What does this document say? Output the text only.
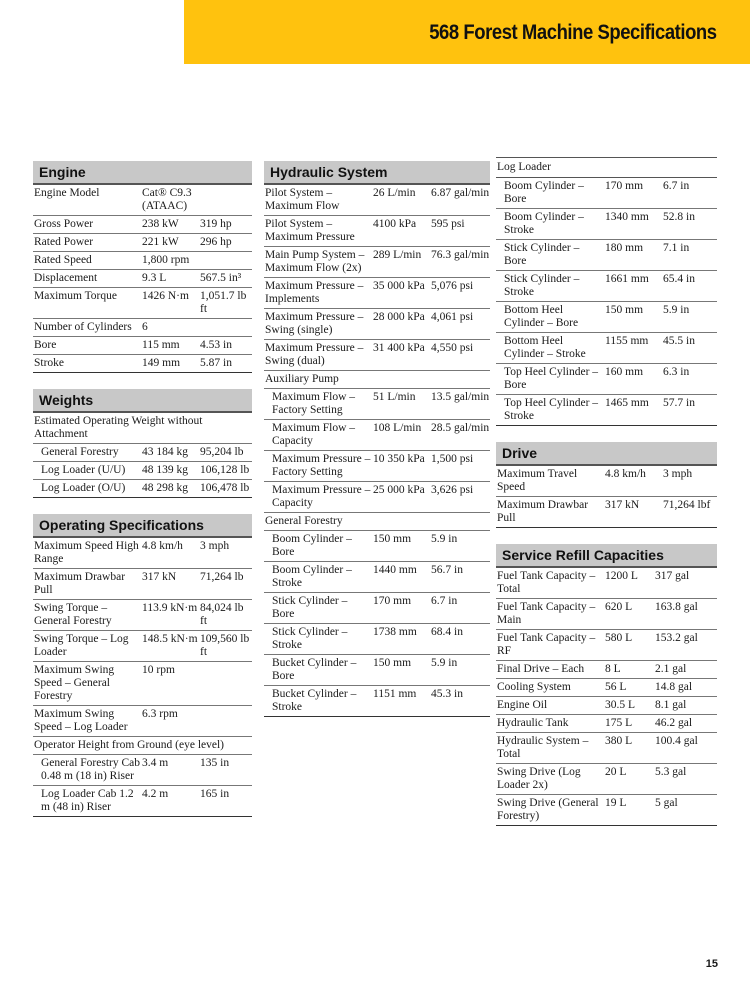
568 Forest Machine Specifications
Engine
Engine Model	Cat® C9.3 (ATAAC)	
Gross Power	238 kW	319 hp
Rated Power	221 kW	296 hp
Rated Speed	1,800 rpm	
Displacement	9.3 L	567.5 in³
Maximum Torque	1426 N·m	1,051.7 lb ft
Number of Cylinders	6	
Bore	115 mm	4.53 in
Stroke	149 mm	5.87 in
Weights
Estimated Operating Weight without Attachment		
General Forestry	43 184 kg	95,204 lb
Log Loader (U/U)	48 139 kg	106,128 lb
Log Loader (O/U)	48 298 kg	106,478 lb
Operating Specifications
Maximum Speed High Range	4.8 km/h	3 mph
Maximum Drawbar Pull	317 kN	71,264 lb
Swing Torque – General Forestry	113.9 kN·m	84,024 lb ft
Swing Torque – Log Loader	148.5 kN·m	109,560 lb ft
Maximum Swing Speed – General Forestry	10 rpm	
Maximum Swing Speed – Log Loader	6.3 rpm	
Operator Height from Ground (eye level)		
General Forestry Cab 0.48 m (18 in) Riser	3.4 m	135 in
Log Loader Cab 1.2 m (48 in) Riser	4.2 m	165 in
Hydraulic System
Pilot System – Maximum Flow	26 L/min	6.87 gal/min
Pilot System – Maximum Pressure	4100 kPa	595 psi
Main Pump System – Maximum Flow (2x)	289 L/min	76.3 gal/min
Maximum Pressure – Implements	35 000 kPa	5,076 psi
Maximum Pressure – Swing (single)	28 000 kPa	4,061 psi
Maximum Pressure – Swing (dual)	31 400 kPa	4,550 psi
Auxiliary Pump		
Maximum Flow – Factory Setting	51 L/min	13.5 gal/min
Maximum Flow – Capacity	108 L/min	28.5 gal/min
Maximum Pressure – Factory Setting	10 350 kPa	1,500 psi
Maximum Pressure – Capacity	25 000 kPa	3,626 psi
General Forestry		
Boom Cylinder – Bore	150 mm	5.9 in
Boom Cylinder – Stroke	1440 mm	56.7 in
Stick Cylinder – Bore	170 mm	6.7 in
Stick Cylinder – Stroke	1738 mm	68.4 in
Bucket Cylinder – Bore	150 mm	5.9 in
Bucket Cylinder – Stroke	1151 mm	45.3 in
Log Loader
Boom Cylinder – Bore	170 mm	6.7 in
Boom Cylinder – Stroke	1340 mm	52.8 in
Stick Cylinder – Bore	180 mm	7.1 in
Stick Cylinder – Stroke	1661 mm	65.4 in
Bottom Heel Cylinder – Bore	150 mm	5.9 in
Bottom Heel Cylinder – Stroke	1155 mm	45.5 in
Top Heel Cylinder – Bore	160 mm	6.3 in
Top Heel Cylinder – Stroke	1465 mm	57.7 in
Drive
Maximum Travel Speed	4.8 km/h	3 mph
Maximum Drawbar Pull	317 kN	71,264 lbf
Service Refill Capacities
Fuel Tank Capacity – Total	1200 L	317 gal
Fuel Tank Capacity – Main	620 L	163.8 gal
Fuel Tank Capacity – RF	580 L	153.2 gal
Final Drive – Each	8 L	2.1 gal
Cooling System	56 L	14.8 gal
Engine Oil	30.5 L	8.1 gal
Hydraulic Tank	175 L	46.2 gal
Hydraulic System – Total	380 L	100.4 gal
Swing Drive (Log Loader 2x)	20 L	5.3 gal
Swing Drive (General Forestry)	19 L	5 gal
15
